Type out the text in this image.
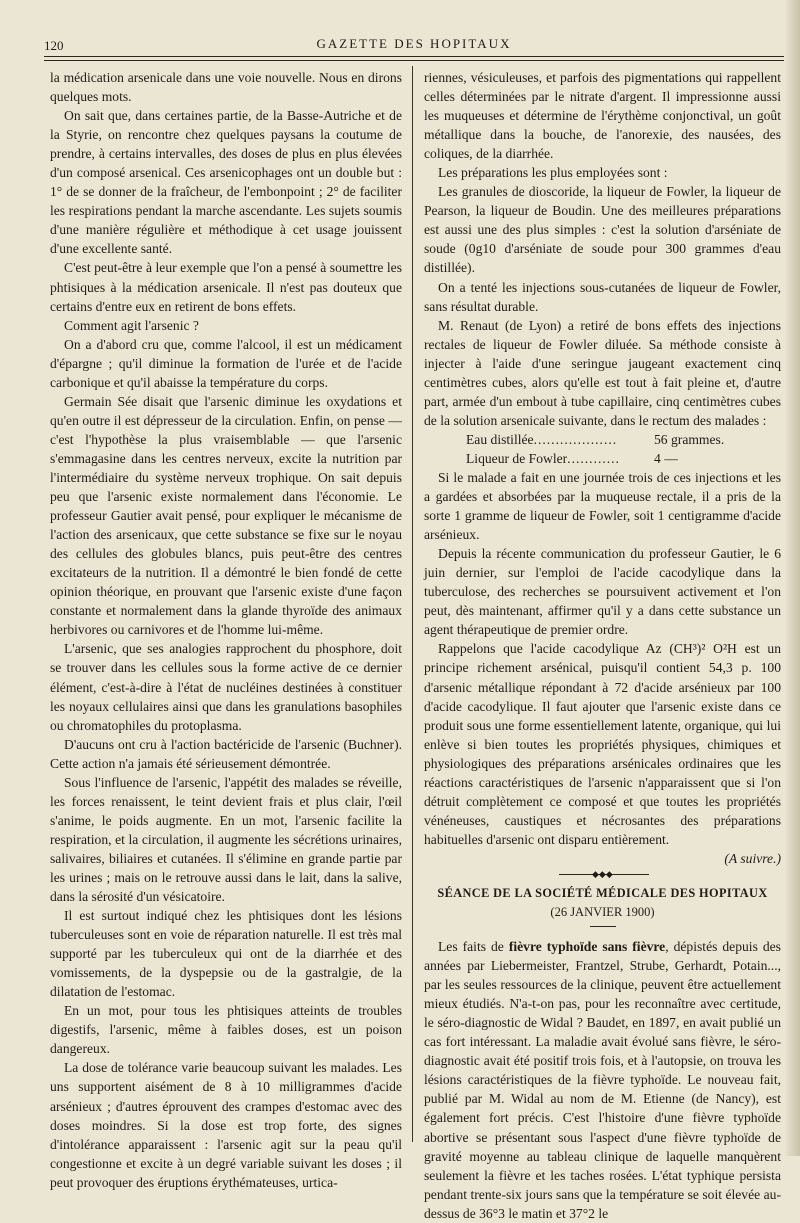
120	GAZETTE DES HOPITAUX

la médication arsenicale dans une voie nouvelle. Nous en dirons quelques mots.

On sait que, dans certaines partie, de la Basse-Autriche et de la Styrie, on rencontre chez quelques paysans la coutume de prendre, à certains intervalles, des doses de plus en plus élevées d'un composé arsenical. Ces arsenicophages ont un double but : 1° de se donner de la fraîcheur, de l'embonpoint ; 2° de faciliter les respirations pendant la marche ascendante. Les sujets soumis d'une manière régulière et méthodique à cet usage jouissent d'une excellente santé.

C'est peut-être à leur exemple que l'on a pensé à soumettre les phtisiques à la médication arsenicale. Il n'est pas douteux que certains d'entre eux en retirent de bons effets.

Comment agit l'arsenic ?

On a d'abord cru que, comme l'alcool, il est un médicament d'épargne ; qu'il diminue la formation de l'urée et de l'acide carbonique et qu'il abaisse la température du corps.

Germain Sée disait que l'arsenic diminue les oxydations et qu'en outre il est dépresseur de la circulation. Enfin, on pense — c'est l'hypothèse la plus vraisemblable — que l'arsenic s'emmagasine dans les centres nerveux, excite la nutrition par l'intermédiaire du système nerveux trophique. On sait depuis peu que l'arsenic existe normalement dans l'économie. Le professeur Gautier avait pensé, pour expliquer le mécanisme de l'action des arsenicaux, que cette substance se fixe sur le noyau des cellules des globules blancs, puis peut-être des centres excitateurs de la nutrition. Il a démontré le bien fondé de cette opinion théorique, en prouvant que l'arsenic existe d'une façon constante et normalement dans la glande thyroïde des animaux herbivores ou carnivores et de l'homme lui-même.

L'arsenic, que ses analogies rapprochent du phosphore, doit se trouver dans les cellules sous la forme active de ce dernier élément, c'est-à-dire à l'état de nucléines destinées à constituer les noyaux cellulaires ainsi que dans les granulations basophiles ou chromatophiles du protoplasma.

D'aucuns ont cru à l'action bactéricide de l'arsenic (Buchner). Cette action n'a jamais été sérieusement démontrée.

Sous l'influence de l'arsenic, l'appétit des malades se réveille, les forces renaissent, le teint devient frais et plus clair, l'œil s'anime, le poids augmente. En un mot, l'arsenic facilite la respiration, et la circulation, il augmente les sécrétions urinaires, salivaires, biliaires et cutanées. Il s'élimine en grande partie par les urines ; mais on le retrouve aussi dans le lait, dans la salive, dans la sérosité d'un vésicatoire.

Il est surtout indiqué chez les phtisiques dont les lésions tuberculeuses sont en voie de réparation naturelle. Il est très mal supporté par les tuberculeux qui ont de la diarrhée et des vomissements, de la dyspepsie ou de la gastralgie, de la dilatation de l'estomac.

En un mot, pour tous les phtisiques atteints de troubles digestifs, l'arsenic, même à faibles doses, est un poison dangereux.

La dose de tolérance varie beaucoup suivant les malades. Les uns supportent aisément de 8 à 10 milligrammes d'acide arsénieux ; d'autres éprouvent des crampes d'estomac avec des doses moindres. Si la dose est trop forte, des signes d'intolérance apparaissent : l'arsenic agit sur la peau qu'il congestionne et excite à un degré variable suivant les doses ; il peut provoquer des éruptions érythémateuses, urtica-

riennes, vésiculeuses, et parfois des pigmentations qui rappellent celles déterminées par le nitrate d'argent. Il impressionne aussi les muqueuses et détermine de l'érythème conjonctival, un goût métallique dans la bouche, de l'anorexie, des nausées, des coliques, de la diarrhée.

Les préparations les plus employées sont :

Les granules de dioscoride, la liqueur de Fowler, la liqueur de Pearson, la liqueur de Boudin. Une des meilleures préparations est aussi une des plus simples : c'est la solution d'arséniate de soude (0g10 d'arséniate de soude pour 300 grammes d'eau distillée).

On a tenté les injections sous-cutanées de liqueur de Fowler, sans résultat durable.

M. Renaut (de Lyon) a retiré de bons effets des injections rectales de liqueur de Fowler diluée. Sa méthode consiste à injecter à l'aide d'une seringue jaugeant exactement cinq centimètres cubes, alors qu'elle est tout à fait pleine et, d'autre part, armée d'un embout à tube capillaire, cinq centimètres cubes de la solution arsenicale suivante, dans le rectum des malades :

Eau distillée ...................	56 grammes.
Liqueur de Fowler ............	4 —

Si le malade a fait en une journée trois de ces injections et les a gardées et absorbées par la muqueuse rectale, il a pris de la sorte 1 gramme de liqueur de Fowler, soit 1 centigramme d'acide arsénieux.

Depuis la récente communication du professeur Gautier, le 6 juin dernier, sur l'emploi de l'acide cacodylique dans la tuberculose, des recherches se poursuivent activement et l'on peut, dès maintenant, affirmer qu'il y a dans cette substance un agent thérapeutique de premier ordre.

Rappelons que l'acide cacodylique Az (CH³)² O²H est un principe richement arsénical, puisqu'il contient 54,3 p. 100 d'arsenic métallique répondant à 72 d'acide arsénieux par 100 d'acide cacodylique. Il faut ajouter que l'arsenic existe dans ce produit sous une forme essentiellement latente, organique, qui lui enlève si bien toutes les propriétés physiques, chimiques et physiologiques des préparations arsénicales ordinaires que les réactions caractéristiques de l'arsenic n'apparaissent que si l'on détruit complètement ce composé et que toutes les propriétés vénéneuses, caustiques et nécrosantes des préparations habituelles d'arsenic ont disparu entièrement.

(A suivre.)

◆◆◆
SÉANCE DE LA SOCIÉTÉ MÉDICALE DES HOPITAUX
(26 JANVIER 1900)

Les faits de fièvre typhoïde sans fièvre, dépistés depuis des années par Liebermeister, Frantzel, Strube, Gerhardt, Potain..., par les seules ressources de la clinique, peuvent être actuellement mieux étudiés. N'a-t-on pas, pour les reconnaître avec certitude, le séro-diagnostic de Widal ? Baudet, en 1897, en avait publié un cas fort intéressant. La maladie avait évolué sans fièvre, le séro-diagnostic avait été positif trois fois, et à l'autopsie, on trouva les lésions caractéristiques de la fièvre typhoïde. Le nouveau fait, publié par M. Widal au nom de M. Etienne (de Nancy), est également fort précis. C'est l'histoire d'une fièvre typhoïde abortive se présentant sous l'aspect d'une fièvre typhoïde de gravité moyenne au tableau clinique de laquelle manquèrent seulement la fièvre et les taches rosées. L'état typhique persista pendant trente-six jours sans que la température se soit élevée au-dessus de 36°3 le matin et 37°2 le
